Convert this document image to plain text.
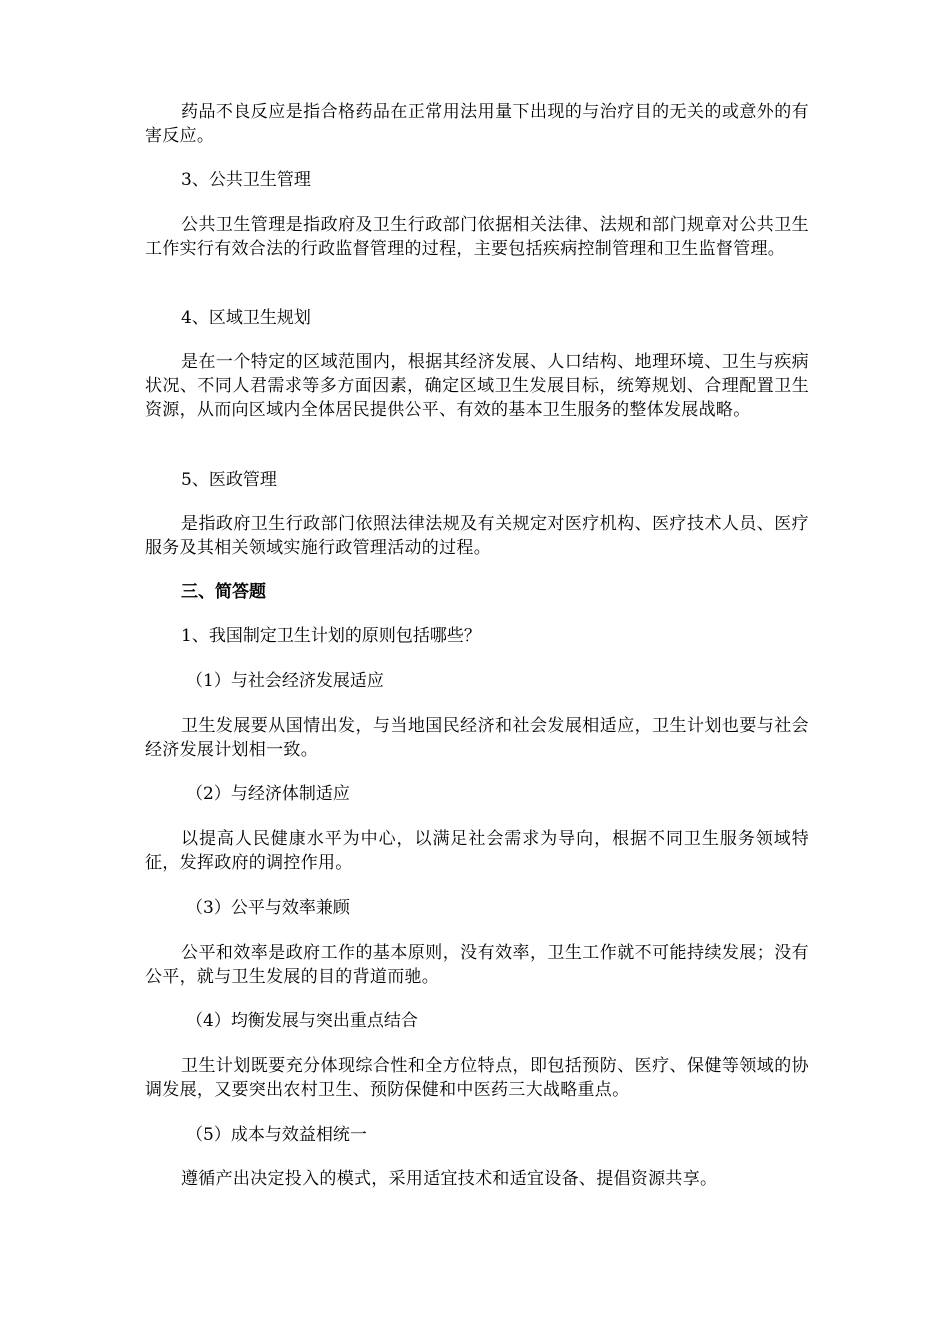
药品不良反应是指合格药品在正常用法用量下出现的与治疗目的无关的或意外的有害反应。

3、公共卫生管理

公共卫生管理是指政府及卫生行政部门依据相关法律、法规和部门规章对公共卫生工作实行有效合法的行政监督管理的过程，主要包括疾病控制管理和卫生监督管理。

4、区域卫生规划

是在一个特定的区域范围内，根据其经济发展、人口结构、地理环境、卫生与疾病状况、不同人君需求等多方面因素，确定区域卫生发展目标，统筹规划、合理配置卫生资源，从而向区域内全体居民提供公平、有效的基本卫生服务的整体发展战略。

5、医政管理

是指政府卫生行政部门依照法律法规及有关规定对医疗机构、医疗技术人员、医疗服务及其相关领域实施行政管理活动的过程。

三、简答题
1、我国制定卫生计划的原则包括哪些？
（1）与社会经济发展适应

卫生发展要从国情出发，与当地国民经济和社会发展相适应，卫生计划也要与社会经济发展计划相一致。

（2）与经济体制适应

以提高人民健康水平为中心，以满足社会需求为导向，根据不同卫生服务领域特征，发挥政府的调控作用。

（3）公平与效率兼顾

公平和效率是政府工作的基本原则，没有效率，卫生工作就不可能持续发展；没有公平，就与卫生发展的目的背道而驰。

（4）均衡发展与突出重点结合

卫生计划既要充分体现综合性和全方位特点，即包括预防、医疗、保健等领域的协调发展，又要突出农村卫生、预防保健和中医药三大战略重点。

（5）成本与效益相统一

遵循产出决定投入的模式，采用适宜技术和适宜设备、提倡资源共享。
